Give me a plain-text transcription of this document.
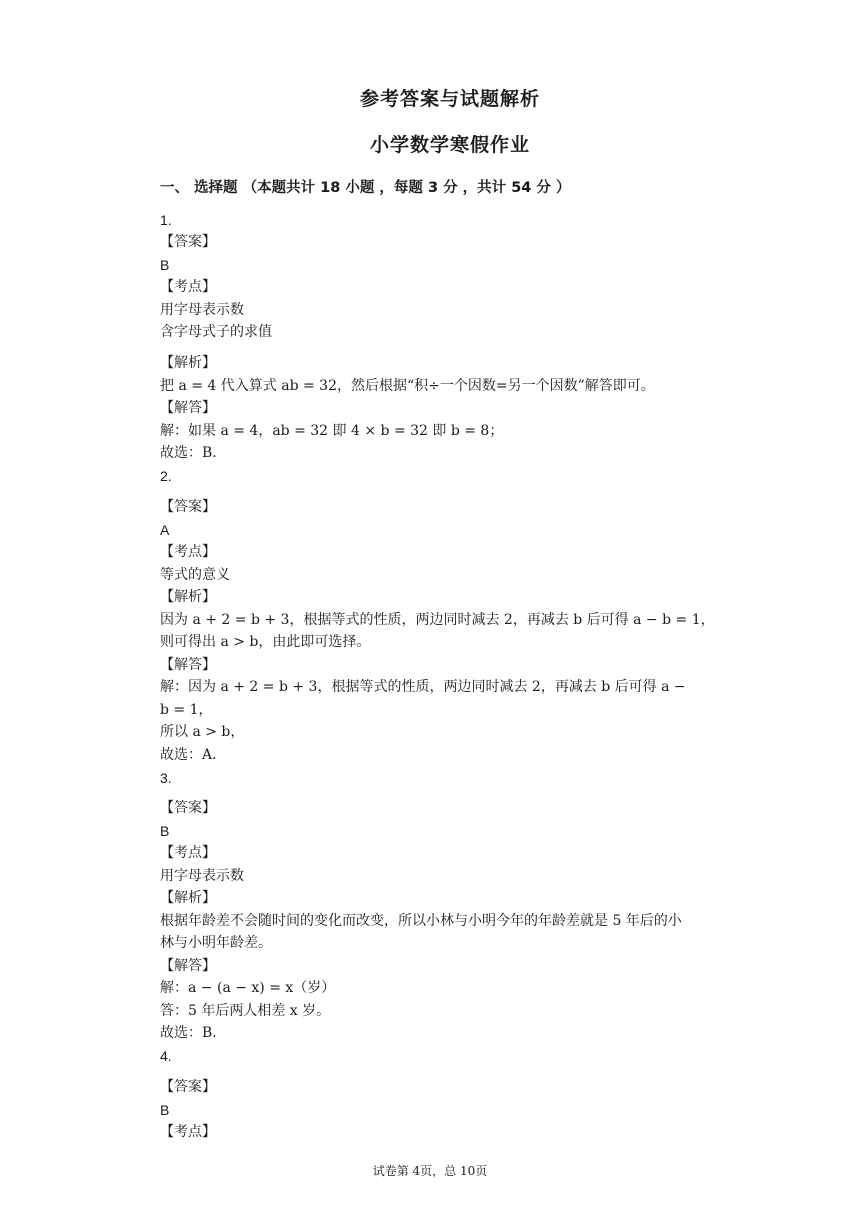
参考答案与试题解析
小学数学寒假作业
一、 选择题 （本题共计 18 小题 ，每题 3 分 ，共计 54 分 ）
1.
【答案】
B
【考点】
用字母表示数
含字母式子的求值
【解析】
把 a = 4 代入算式 ab = 32，然后根据“积÷一个因数=另一个因数”解答即可。
【解答】
解：如果 a = 4，ab = 32 即 4 × b = 32 即 b = 8；
故选：B．
2.
【答案】
A
【考点】
等式的意义
【解析】
因为 a + 2 = b + 3，根据等式的性质，两边同时减去 2，再减去 b 后可得 a − b = 1，
则可得出 a > b，由此即可选择。
【解答】
解：因为 a + 2 = b + 3，根据等式的性质，两边同时减去 2，再减去 b 后可得 a −
b = 1，
所以 a > b，
故选：A．
3.
【答案】
B
【考点】
用字母表示数
【解析】
根据年龄差不会随时间的变化而改变，所以小林与小明今年的年龄差就是 5 年后的小
林与小明年龄差。
【解答】
解：a − (a − x) = x（岁）
答：5 年后两人相差 x 岁。
故选：B．
4.
【答案】
B
【考点】
试卷第 4页，总 10页
